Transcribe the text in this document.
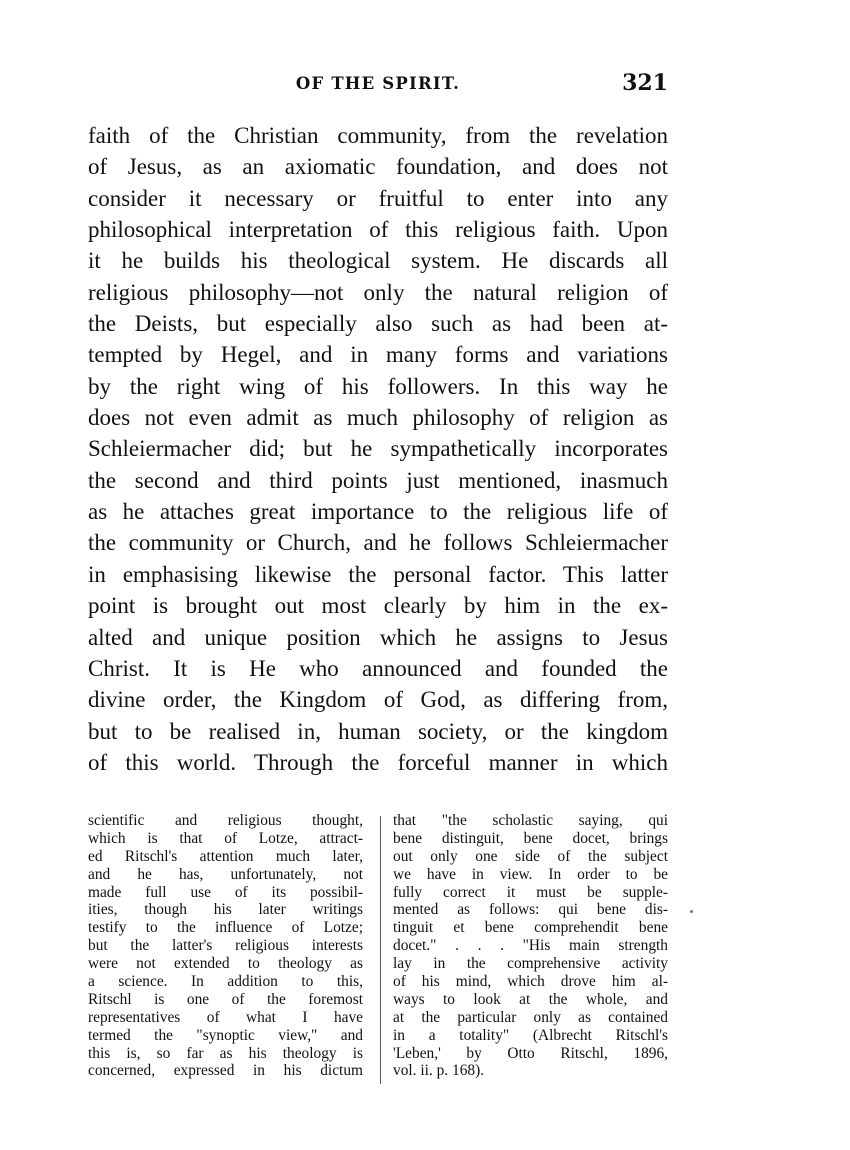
OF THE SPIRIT.	321
faith of the Christian community, from the revelation
of Jesus, as an axiomatic foundation, and does not
consider it necessary or fruitful to enter into any
philosophical interpretation of this religious faith. Upon
it he builds his theological system. He discards all
religious philosophy—not only the natural religion of
the Deists, but especially also such as had been at-
tempted by Hegel, and in many forms and variations
by the right wing of his followers. In this way he
does not even admit as much philosophy of religion as
Schleiermacher did; but he sympathetically incorporates
the second and third points just mentioned, inasmuch
as he attaches great importance to the religious life of
the community or Church, and he follows Schleiermacher
in emphasising likewise the personal factor. This latter
point is brought out most clearly by him in the ex-
alted and unique position which he assigns to Jesus
Christ. It is He who announced and founded the
divine order, the Kingdom of God, as differing from,
but to be realised in, human society, or the kingdom
of this world. Through the forceful manner in which
scientific and religious thought,
which is that of Lotze, attract-
ed Ritschl's attention much later,
and he has, unfortunately, not
made full use of its possibil-
ities, though his later writings
testify to the influence of Lotze;
but the latter's religious interests
were not extended to theology as
a science. In addition to this,
Ritschl is one of the foremost
representatives of what I have
termed the "synoptic view," and
this is, so far as his theology is
concerned, expressed in his dictum
that "the scholastic saying, qui
bene distinguit, bene docet, brings
out only one side of the subject
we have in view. In order to be
fully correct it must be supple-
mented as follows: qui bene dis-
tinguit et bene comprehendit bene
docet." . . . "His main strength
lay in the comprehensive activity
of his mind, which drove him al-
ways to look at the whole, and
at the particular only as contained
in a totality" (Albrecht Ritschl's
'Leben,' by Otto Ritschl, 1896,
vol. ii. p. 168).
